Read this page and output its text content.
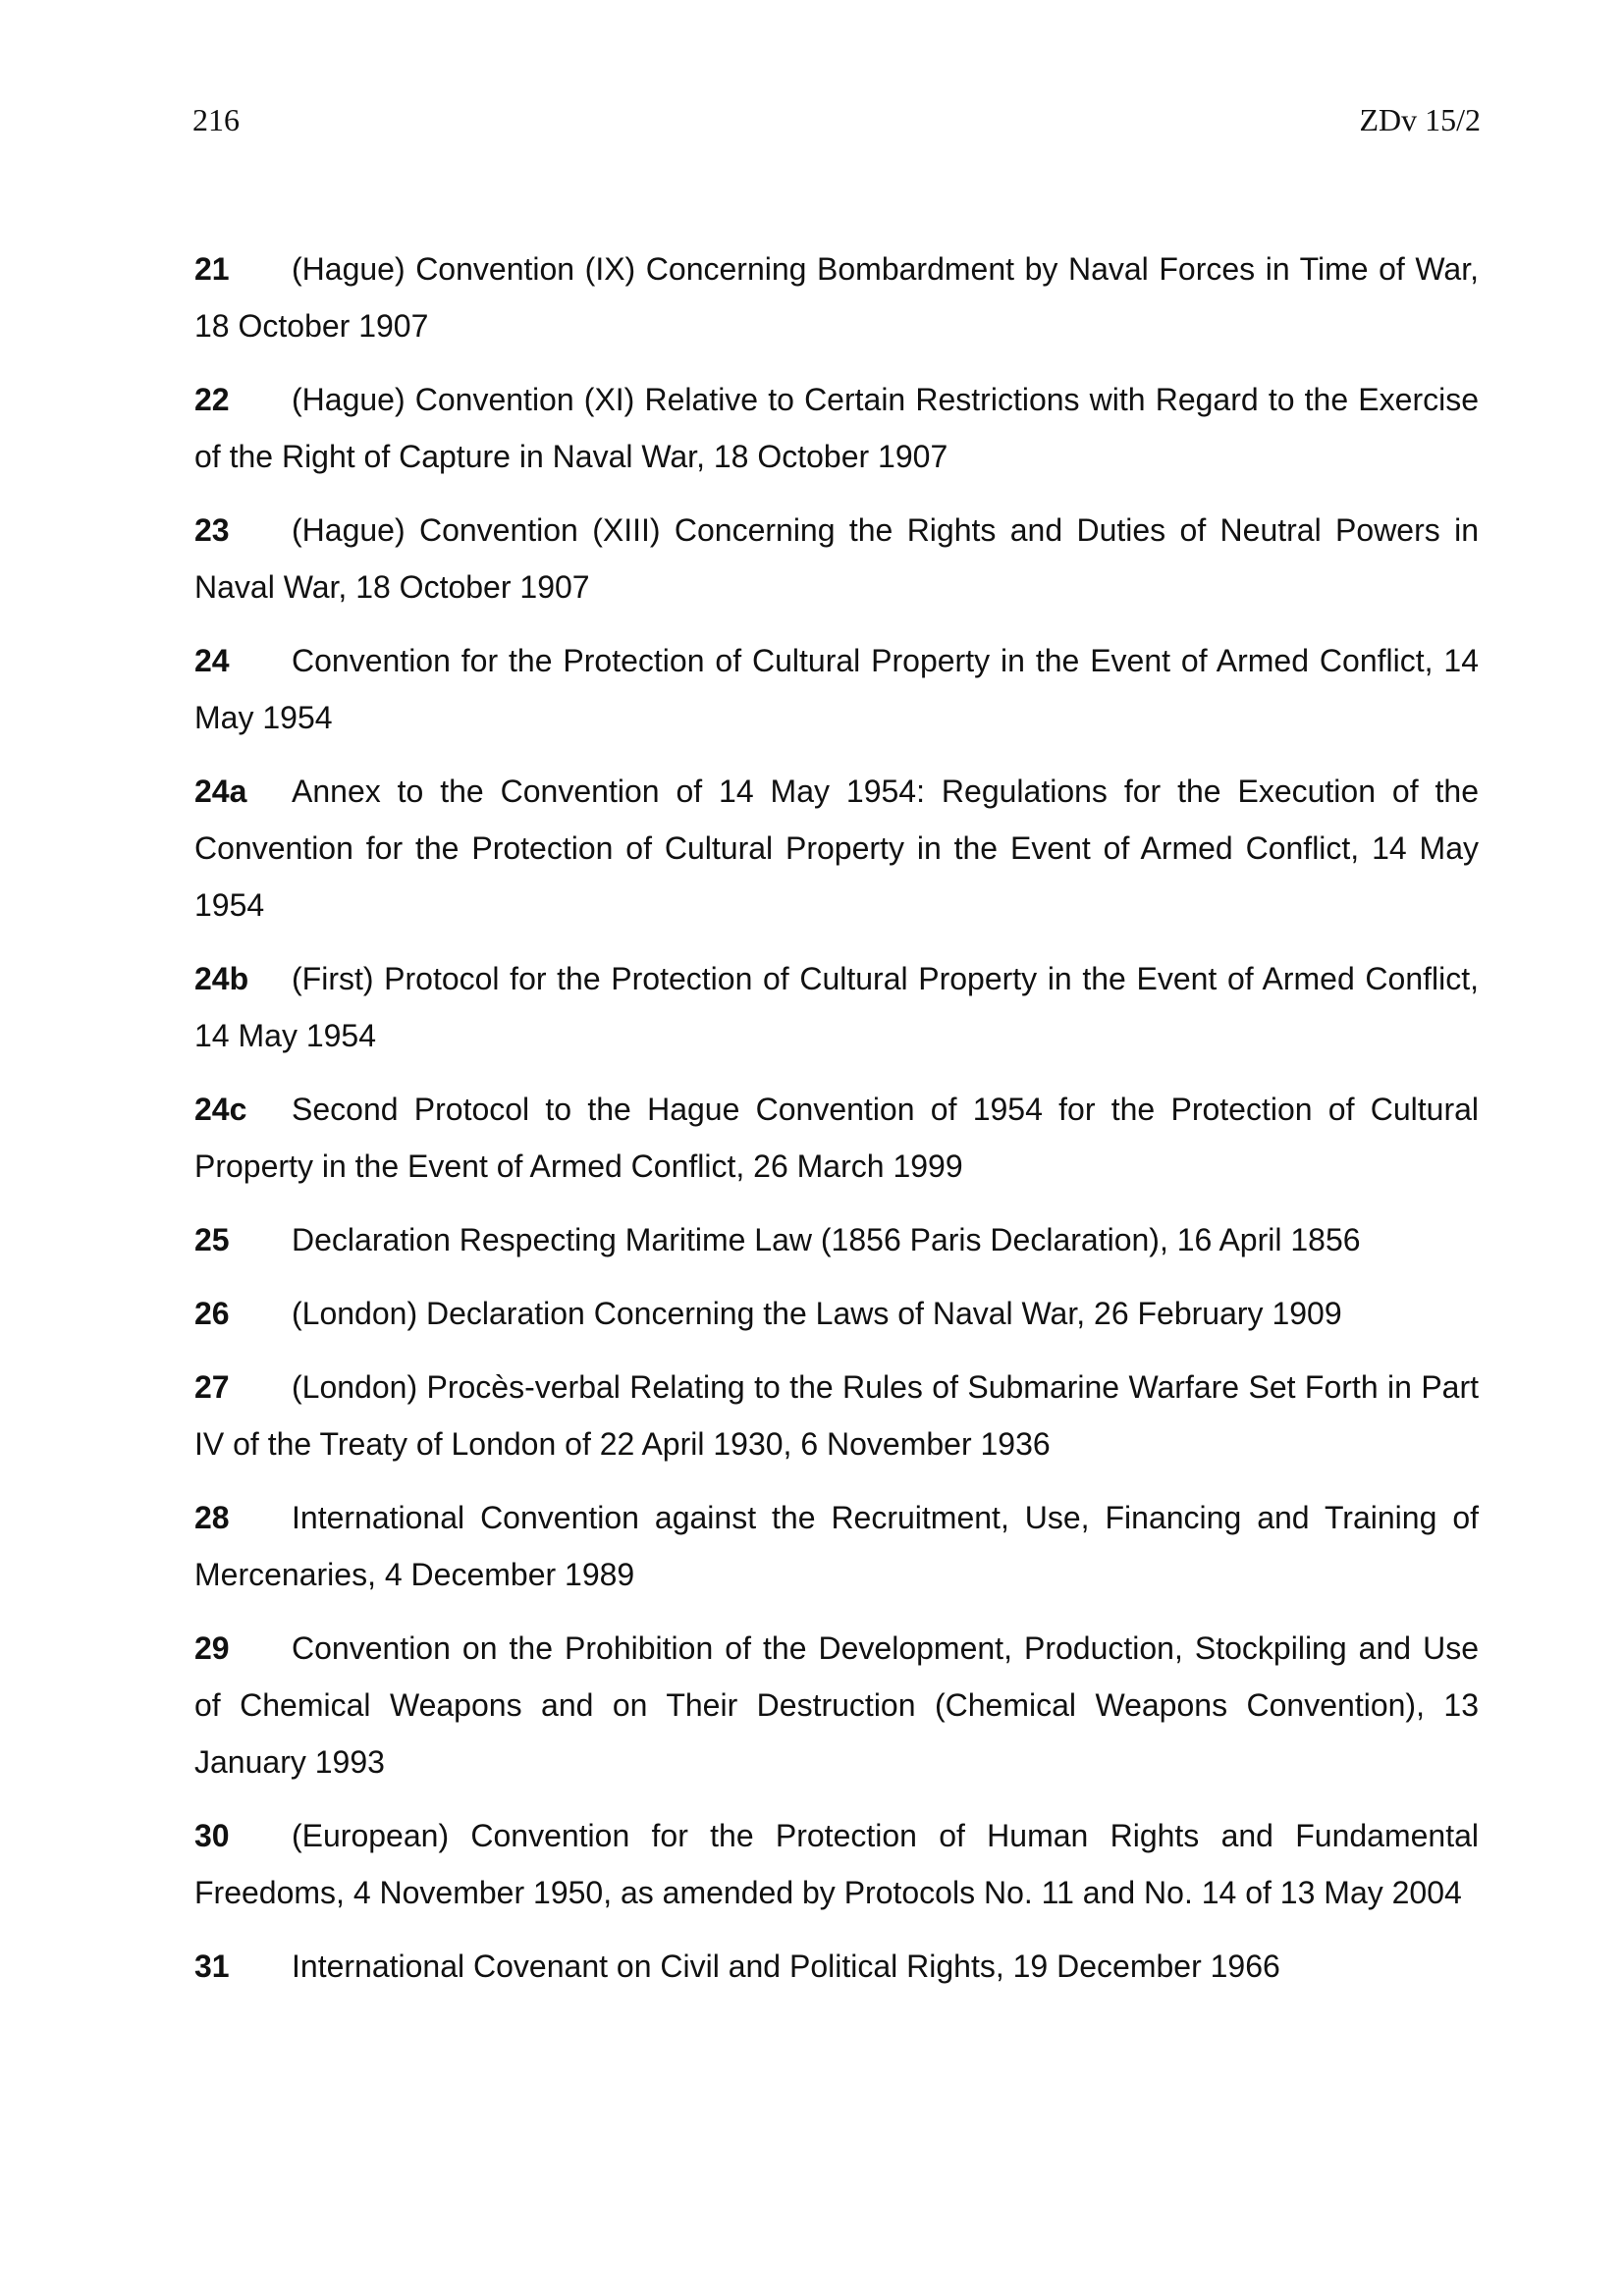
216	ZDv 15/2

21 (Hague) Convention (IX) Concerning Bombardment by Naval Forces in Time of War, 18 October 1907

22 (Hague) Convention (XI) Relative to Certain Restrictions with Regard to the Exercise of the Right of Capture in Naval War, 18 October 1907

23 (Hague) Convention (XIII) Concerning the Rights and Duties of Neutral Powers in Naval War, 18 October 1907

24 Convention for the Protection of Cultural Property in the Event of Armed Conflict, 14 May 1954

24a Annex to the Convention of 14 May 1954: Regulations for the Execution of the Convention for the Protection of Cultural Property in the Event of Armed Conflict, 14 May 1954

24b (First) Protocol for the Protection of Cultural Property in the Event of Armed Conflict, 14 May 1954

24c Second Protocol to the Hague Convention of 1954 for the Protection of Cultural Property in the Event of Armed Conflict, 26 March 1999

25 Declaration Respecting Maritime Law (1856 Paris Declaration), 16 April 1856

26 (London) Declaration Concerning the Laws of Naval War, 26 February 1909

27 (London) Procès-verbal Relating to the Rules of Submarine Warfare Set Forth in Part IV of the Treaty of London of 22 April 1930, 6 November 1936

28 International Convention against the Recruitment, Use, Financing and Training of Mercenaries, 4 December 1989

29 Convention on the Prohibition of the Development, Production, Stockpiling and Use of Chemical Weapons and on Their Destruction (Chemical Weapons Convention), 13 January 1993

30 (European) Convention for the Protection of Human Rights and Fundamental Freedoms, 4 November 1950, as amended by Protocols No. 11 and No. 14 of 13 May 2004

31 International Covenant on Civil and Political Rights, 19 December 1966
